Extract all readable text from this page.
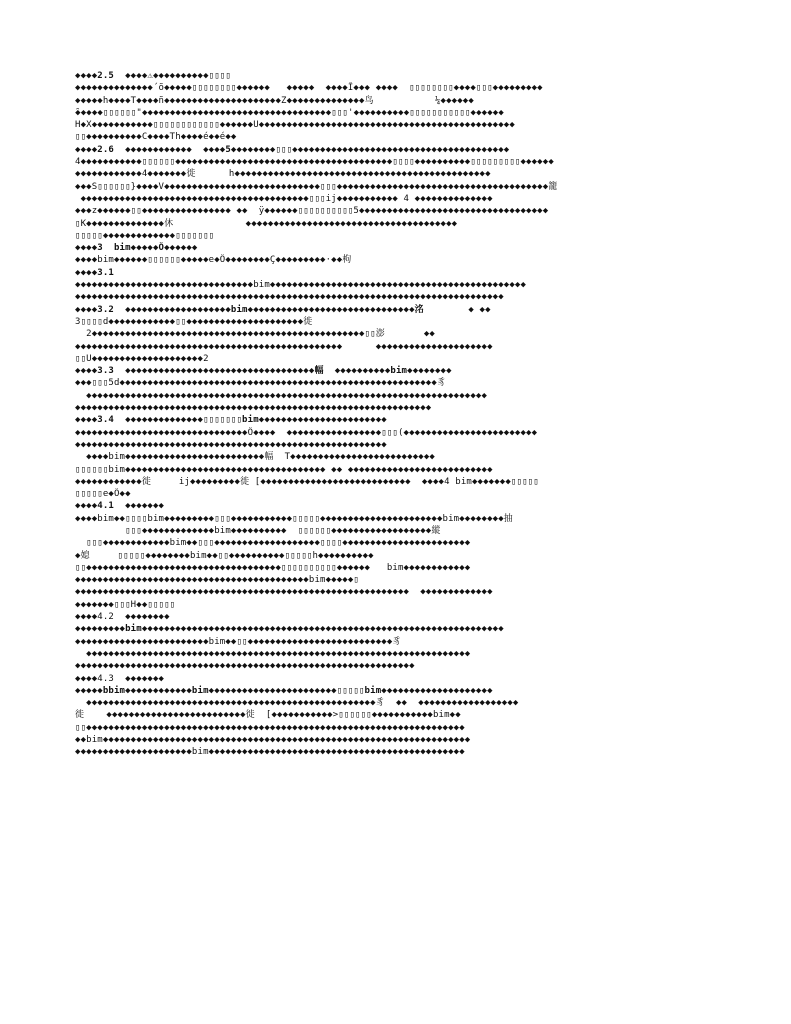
◆◆◆◆2.5  ◆◆◆◆⚠◆◆◆◆◆◆◆◆◆◆▯▯▯▯
◆◆◆◆◆◆◆◆◆◆◆◆◆◆´õ◆◆◆◆◆▯▯▯▯▯▯▯▯◆◆◆◆◆◆   ◆◆◆◆◆  ◆◆◆◆Ĩ◆◆◆ ◆◆◆◆  ▯▯▯▯▯▯▯▯◆◆◆◆▯▯▯◆◆◆◆◆◆◆◆◆
◆◆◆◆◆h◆◆◆◆T◆◆◆◆ñ◆◆◆◆◆◆◆◆◆◆◆◆◆◆◆◆◆◆◆◆◆Z◆◆◆◆◆◆◆◆◆◆◆◆◆◆鸟           ¼◆◆◆◆◆◆
̑◆◆◆◆◆▯▯▯▯▯▯"◆◆◆◆◆◆◆◆◆◆◆◆◆◆◆◆◆◆◆◆◆◆◆◆◆◆◆◆◆◆◆◆◆◆▯▯▯'◆◆◆◆◆◆◆◆◆◆▯▯▯▯▯▯▯▯▯▯▯◆◆◆◆◆◆
H◆X◆◆◆◆◆◆◆◆◆◆◆▯▯▯▯▯▯▯▯▯▯▯▯◆◆◆◆◆◆U◆◆◆◆◆◆◆◆◆◆◆◆◆◆◆◆◆◆◆◆◆◆◆◆◆◆◆◆◆◆◆◆◆◆◆◆◆◆◆◆◆◆◆◆◆◆
▯▯◆◆◆◆◆◆◆◆◆◆C◆◆◆◆Th◆◆◆◆é◆◆é◆◆
◆◆◆◆2.6  ◆◆◆◆◆◆◆◆◆◆◆◆  ◆◆◆◆5◆◆◆◆◆◆◆◆▯▯▯◆◆◆◆◆◆◆◆◆◆◆◆◆◆◆◆◆◆◆◆◆◆◆◆◆◆◆◆◆◆◆◆◆◆◆◆◆◆◆
4◆◆◆◆◆◆◆◆◆◆◆▯▯▯▯▯▯◆◆◆◆◆◆◆◆◆◆◆◆◆◆◆◆◆◆◆◆◆◆◆◆◆◆◆◆◆◆◆◆◆◆◆◆◆◆◆▯▯▯▯◆◆◆◆◆◆◆◆◆◆▯▯▯▯▯▯▯▯▯◆◆◆◆◆◆
◆◆◆◆◆◆◆◆◆◆◆◆4◆◆◆◆◆◆◆徙      h◆◆◆◆◆◆◆◆◆◆◆◆◆◆◆◆◆◆◆◆◆◆◆◆◆◆◆◆◆◆◆◆◆◆◆◆◆◆◆◆◆◆◆◆◆◆
◆◆◆S▯▯▯▯▯▯}◆◆◆◆V◆◆◆◆◆◆◆◆◆◆◆◆◆◆◆◆◆◆◆◆◆◆◆◆◆◆◆◆▯▯▯◆◆◆◆◆◆◆◆◆◆◆◆◆◆◆◆◆◆◆◆◆◆◆◆◆◆◆◆◆◆◆◆◆◆◆◆◆◆籠
◆◆◆◆◆◆◆◆◆◆◆◆◆◆◆◆◆◆◆◆◆◆◆◆◆◆◆◆◆◆◆◆◆◆◆◆◆◆◆◆◆▯▯▯ij◆◆◆◆◆◆◆◆◆◆◆ 4 ◆◆◆◆◆◆◆◆◆◆◆◆◆◆
◆◆◆z◆◆◆◆◆◆▯▯◆◆◆◆◆◆◆◆◆◆◆◆◆◆◆◆ ◆◆  ÿ◆◆◆◆◆◆▯▯▯▯▯▯▯▯▯▯5◆◆◆◆◆◆◆◆◆◆◆◆◆◆◆◆◆◆◆◆◆◆◆◆◆◆◆◆◆◆◆◆◆◆
▯K◆◆◆◆◆◆◆◆◆◆◆◆◆◆休             ◆◆◆◆◆◆◆◆◆◆◆◆◆◆◆◆◆◆◆◆◆◆◆◆◆◆◆◆◆◆◆◆◆◆◆◆◆◆
▯▯▯▯▯◆◆◆◆◆◆◆◆◆◆◆◆◆▯▯▯▯▯▯▯
◆◆◆◆3  bim◆◆◆◆◆Ö◆◆◆◆◆◆
◆◆◆◆bim◆◆◆◆◆◆▯▯▯▯▯▯◆◆◆◆◆e◆Ö◆◆◆◆◆◆◆◆Ç◆◆◆◆◆◆◆◆◆·◆◆枸
◆◆◆◆3.1
◆◆◆◆◆◆◆◆◆◆◆◆◆◆◆◆◆◆◆◆◆◆◆◆◆◆◆◆◆◆◆◆bim◆◆◆◆◆◆◆◆◆◆◆◆◆◆◆◆◆◆◆◆◆◆◆◆◆◆◆◆◆◆◆◆◆◆◆◆◆◆◆◆◆◆◆◆◆◆
◆◆◆◆◆◆◆◆◆◆◆◆◆◆◆◆◆◆◆◆◆◆◆◆◆◆◆◆◆◆◆◆◆◆◆◆◆◆◆◆◆◆◆◆◆◆◆◆◆◆◆◆◆◆◆◆◆◆◆◆◆◆◆◆◆◆◆◆◆◆◆◆◆◆◆◆◆
◆◆◆◆3.2  ◆◆◆◆◆◆◆◆◆◆◆◆◆◆◆◆◆◆◆bim◆◆◆◆◆◆◆◆◆◆◆◆◆◆◆◆◆◆◆◆◆◆◆◆◆◆◆◆◆◆洺        ◆ ◆◆
3▯▯▯▯d◆◆◆◆◆◆◆◆◆◆◆◆▯▯◆◆◆◆◆◆◆◆◆◆◆◆◆◆◆◆◆◆◆◆◆徙
2◆◆◆◆◆◆◆◆◆◆◆◆◆◆◆◆◆◆◆◆◆◆◆◆◆◆◆◆◆◆◆◆◆◆◆◆◆◆◆◆◆◆◆◆◆◆◆◆◆▯▯澎       ◆◆
◆◆◆◆◆◆◆◆◆◆◆◆◆◆◆◆◆◆◆◆◆◆◆◆◆◆◆◆◆◆◆◆◆◆◆◆◆◆◆◆◆◆◆◆◆◆◆◆      ◆◆◆◆◆◆◆◆◆◆◆◆◆◆◆◆◆◆◆◆◆
▯▯U◆◆◆◆◆◆◆◆◆◆◆◆◆◆◆◆◆◆◆◆2
◆◆◆◆3.3  ◆◆◆◆◆◆◆◆◆◆◆◆◆◆◆◆◆◆◆◆◆◆◆◆◆◆◆◆◆◆◆◆◆◆幅  ◆◆◆◆◆◆◆◆◆◆bim◆◆◆◆◆◆◆◆
◆◆◆▯▯▯5d◆◆◆◆◆◆◆◆◆◆◆◆◆◆◆◆◆◆◆◆◆◆◆◆◆◆◆◆◆◆◆◆◆◆◆◆◆◆◆◆◆◆◆◆◆◆◆◆◆◆◆◆◆◆◆◆◆豸
◆◆◆◆◆◆◆◆◆◆◆◆◆◆◆◆◆◆◆◆◆◆◆◆◆◆◆◆◆◆◆◆◆◆◆◆◆◆◆◆◆◆◆◆◆◆◆◆◆◆◆◆◆◆◆◆◆◆◆◆◆◆◆◆◆◆◆◆◆◆◆◆
◆◆◆◆◆◆◆◆◆◆◆◆◆◆◆◆◆◆◆◆◆◆◆◆◆◆◆◆◆◆◆◆◆◆◆◆◆◆◆◆◆◆◆◆◆◆◆◆◆◆◆◆◆◆◆◆◆◆◆◆◆◆◆◆
◆◆◆◆3.4  ◆◆◆◆◆◆◆◆◆◆◆◆◆◆▯▯▯▯▯▯▯bim◆◆◆◆◆◆◆◆◆◆◆◆◆◆◆◆◆◆◆◆◆◆◆
◆◆◆◆◆◆◆◆◆◆◆◆◆◆◆◆◆◆◆◆◆◆◆◆◆◆◆◆◆◆◆Ö◆◆◆◆  ◆◆◆◆◆◆◆◆◆◆◆◆◆◆◆◆◆▯▯▯(◆◆◆◆◆◆◆◆◆◆◆◆◆◆◆◆◆◆◆◆◆◆◆◆
◆◆◆◆◆◆◆◆◆◆◆◆◆◆◆◆◆◆◆◆◆◆◆◆◆◆◆◆◆◆◆◆◆◆◆◆◆◆◆◆◆◆◆◆◆◆◆◆◆◆◆◆◆◆◆◆
◆◆◆◆bim◆◆◆◆◆◆◆◆◆◆◆◆◆◆◆◆◆◆◆◆◆◆◆◆◆幅  T◆◆◆◆◆◆◆◆◆◆◆◆◆◆◆◆◆◆◆◆◆◆◆◆◆◆
▯▯▯▯▯▯bim◆◆◆◆◆◆◆◆◆◆◆◆◆◆◆◆◆◆◆◆◆◆◆◆◆◆◆◆◆◆◆◆◆◆◆◆ ◆◆ ◆◆◆◆◆◆◆◆◆◆◆◆◆◆◆◆◆◆◆◆◆◆◆◆◆◆
◆◆◆◆◆◆◆◆◆◆◆◆徙     ij◆◆◆◆◆◆◆◆◆徙 [◆◆◆◆◆◆◆◆◆◆◆◆◆◆◆◆◆◆◆◆◆◆◆◆◆◆◆  ◆◆◆◆4 bim◆◆◆◆◆◆◆▯▯▯▯▯
▯▯▯▯▯e◆Ö◆◆
◆◆◆◆4.1  ◆◆◆◆◆◆◆
◆◆◆◆bim◆◆▯▯▯▯bim◆◆◆◆◆◆◆◆◆▯▯▯◆◆◆◆◆◆◆◆◆◆◆▯▯▯▯▯◆◆◆◆◆◆◆◆◆◆◆◆◆◆◆◆◆◆◆◆◆◆bim◆◆◆◆◆◆◆◆抽
▯▯▯◆◆◆◆◆◆◆◆◆◆◆◆◆bim◆◆◆◆◆◆◆◆◆◆  ▯▯▯▯▯▯◆◆◆◆◆◆◆◆◆◆◆◆◆◆◆◆◆◆縱
▯▯▯◆◆◆◆◆◆◆◆◆◆◆◆bim◆◆▯▯▯◆◆◆◆◆◆◆◆◆◆◆◆◆◆◆◆◆◆◆▯▯▯▯◆◆◆◆◆◆◆◆◆◆◆◆◆◆◆◆◆◆◆◆◆◆◆
◆媳     ▯▯▯▯▯◆◆◆◆◆◆◆◆bim◆◆▯▯◆◆◆◆◆◆◆◆◆◆▯▯▯▯▯h◆◆◆◆◆◆◆◆◆◆
▯▯◆◆◆◆◆◆◆◆◆◆◆◆◆◆◆◆◆◆◆◆◆◆◆◆◆◆◆◆◆◆◆◆◆◆◆▯▯▯▯▯▯▯▯▯▯◆◆◆◆◆◆   bim◆◆◆◆◆◆◆◆◆◆◆◆
◆◆◆◆◆◆◆◆◆◆◆◆◆◆◆◆◆◆◆◆◆◆◆◆◆◆◆◆◆◆◆◆◆◆◆◆◆◆◆◆◆◆bim◆◆◆◆◆▯
◆◆◆◆◆◆◆◆◆◆◆◆◆◆◆◆◆◆◆◆◆◆◆◆◆◆◆◆◆◆◆◆◆◆◆◆◆◆◆◆◆◆◆◆◆◆◆◆◆◆◆◆◆◆◆◆◆◆◆◆  ◆◆◆◆◆◆◆◆◆◆◆◆◆
◆◆◆◆◆◆◆▯▯▯H◆◆▯▯▯▯▯
◆◆◆◆4.2  ◆◆◆◆◆◆◆◆
◆◆◆◆◆◆◆◆◆bim◆◆◆◆◆◆◆◆◆◆◆◆◆◆◆◆◆◆◆◆◆◆◆◆◆◆◆◆◆◆◆◆◆◆◆◆◆◆◆◆◆◆◆◆◆◆◆◆◆◆◆◆◆◆◆◆◆◆◆◆◆◆◆◆◆
◆◆◆◆◆◆◆◆◆◆◆◆◆◆◆◆◆◆◆◆◆◆◆◆bim◆◆▯▯◆◆◆◆◆◆◆◆◆◆◆◆◆◆◆◆◆◆◆◆◆◆◆◆◆◆豸
◆◆◆◆◆◆◆◆◆◆◆◆◆◆◆◆◆◆◆◆◆◆◆◆◆◆◆◆◆◆◆◆◆◆◆◆◆◆◆◆◆◆◆◆◆◆◆◆◆◆◆◆◆◆◆◆◆◆◆◆◆◆◆◆◆◆◆◆◆
◆◆◆◆◆◆◆◆◆◆◆◆◆◆◆◆◆◆◆◆◆◆◆◆◆◆◆◆◆◆◆◆◆◆◆◆◆◆◆◆◆◆◆◆◆◆◆◆◆◆◆◆◆◆◆◆◆◆◆◆◆
◆◆◆◆4.3  ◆◆◆◆◆◆◆
◆◆◆◆◆bbim◆◆◆◆◆◆◆◆◆◆◆◆bim◆◆◆◆◆◆◆◆◆◆◆◆◆◆◆◆◆◆◆◆◆◆◆▯▯▯▯▯bim◆◆◆◆◆◆◆◆◆◆◆◆◆◆◆◆◆◆◆◆
◆◆◆◆◆◆◆◆◆◆◆◆◆◆◆◆◆◆◆◆◆◆◆◆◆◆◆◆◆◆◆◆◆◆◆◆◆◆◆◆◆◆◆◆◆◆◆◆◆◆◆◆豸  ◆◆  ◆◆◆◆◆◆◆◆◆◆◆◆◆◆◆◆◆◆
徙    ◆◆◆◆◆◆◆◆◆◆◆◆◆◆◆◆◆◆◆◆◆◆◆◆◆徙  [◆◆◆◆◆◆◆◆◆◆◆>▯▯▯▯▯▯◆◆◆◆◆◆◆◆◆◆◆bim◆◆
▯▯◆◆◆◆◆◆◆◆◆◆◆◆◆◆◆◆◆◆◆◆◆◆◆◆◆◆◆◆◆◆◆◆◆◆◆◆◆◆◆◆◆◆◆◆◆◆◆◆◆◆◆◆◆◆◆◆◆◆◆◆◆◆◆◆◆◆◆◆
◆◆bim◆◆◆◆◆◆◆◆◆◆◆◆◆◆◆◆◆◆◆◆◆◆◆◆◆◆◆◆◆◆◆◆◆◆◆◆◆◆◆◆◆◆◆◆◆◆◆◆◆◆◆◆◆◆◆◆◆◆◆◆◆◆◆◆◆◆
◆◆◆◆◆◆◆◆◆◆◆◆◆◆◆◆◆◆◆◆◆bim◆◆◆◆◆◆◆◆◆◆◆◆◆◆◆◆◆◆◆◆◆◆◆◆◆◆◆◆◆◆◆◆◆◆◆◆◆◆◆◆◆◆◆◆◆◆
